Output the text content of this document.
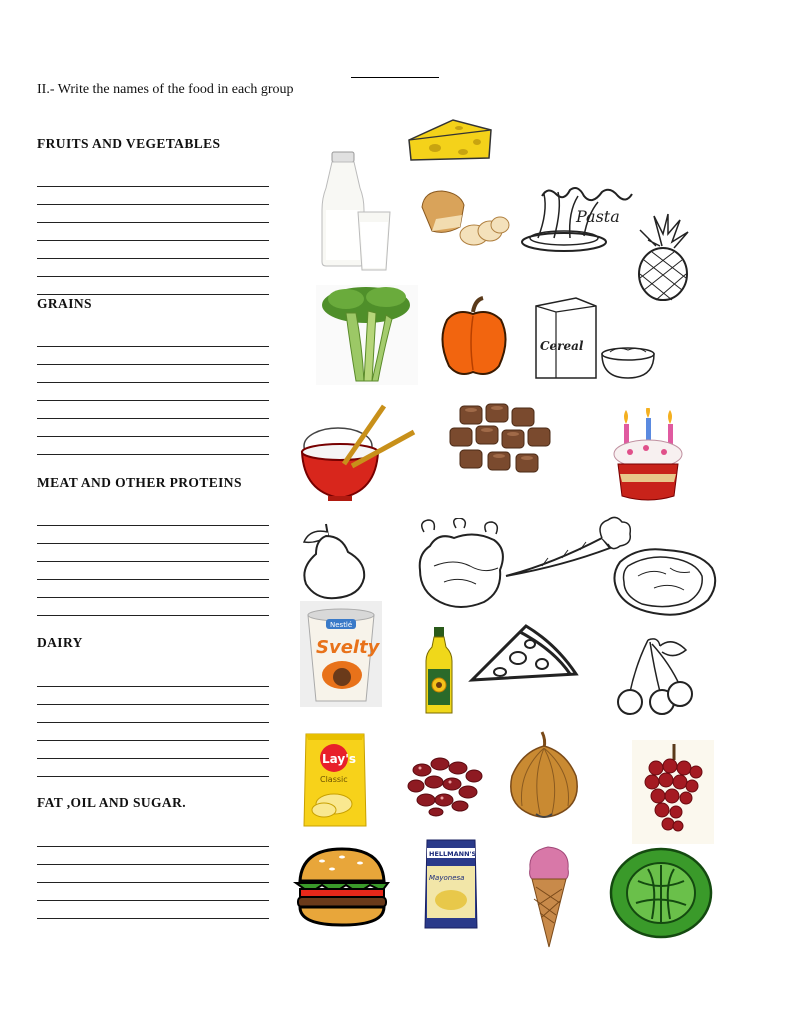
II.- Write the names of the food in each group
FRUITS AND VEGETABLES
GRAINS
MEAT AND OTHER PROTEINS
DAIRY
FAT ,OIL AND SUGAR.
Pasta
Cereal
Nestlé
Svelty
Lay's
Classic
HELLMANN'S
Mayonesa
